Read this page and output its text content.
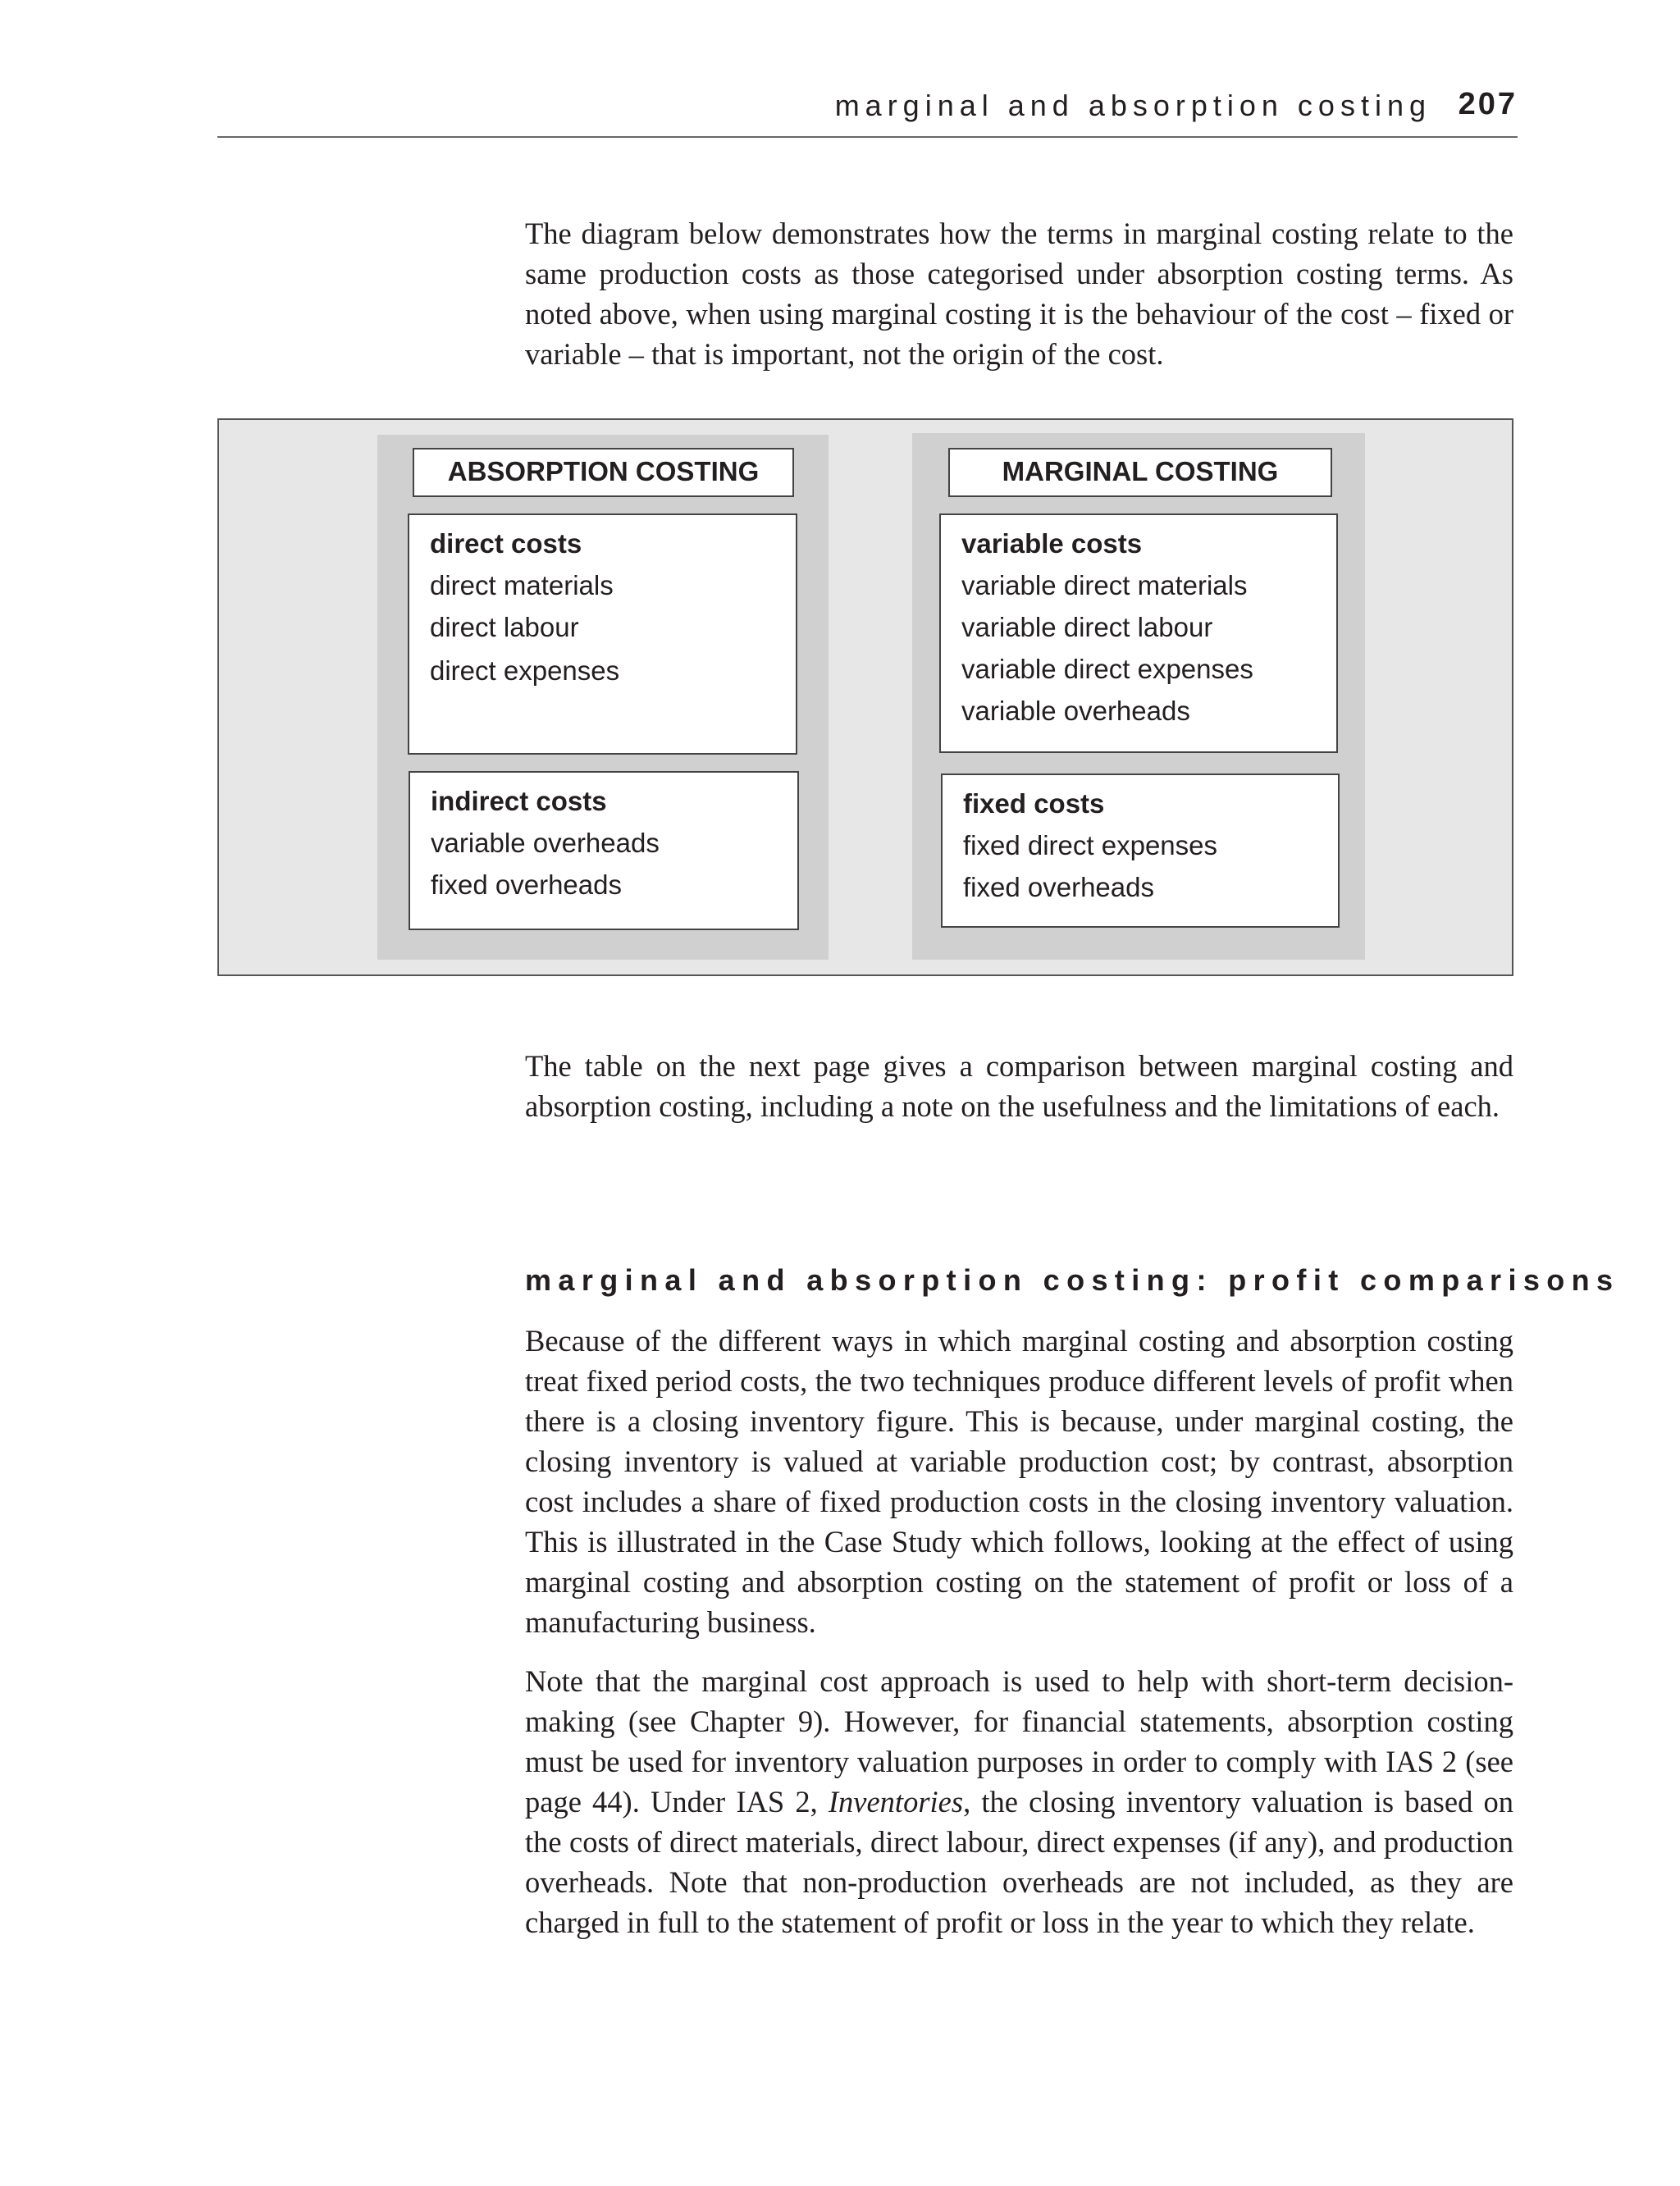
marginal and absorption costing 207

The diagram below demonstrates how the terms in marginal costing relate to the same production costs as those categorised under absorption costing terms. As noted above, when using marginal costing it is the behaviour of the cost – fixed or variable – that is important, not the origin of the cost.

ABSORPTION COSTING
direct costs
direct materials
direct labour
direct expenses
indirect costs
variable overheads
fixed overheads
MARGINAL COSTING
variable costs
variable direct materials
variable direct labour
variable direct expenses
variable overheads
fixed costs
fixed direct expenses
fixed overheads

The table on the next page gives a comparison between marginal costing and absorption costing, including a note on the usefulness and the limitations of each.

marginal and absorption costing: profit comparisons

Because of the different ways in which marginal costing and absorption costing treat fixed period costs, the two techniques produce different levels of profit when there is a closing inventory figure. This is because, under marginal costing, the closing inventory is valued at variable production cost; by contrast, absorption cost includes a share of fixed production costs in the closing inventory valuation. This is illustrated in the Case Study which follows, looking at the effect of using marginal costing and absorption costing on the statement of profit or loss of a manufacturing business.

Note that the marginal cost approach is used to help with short-term decision-making (see Chapter 9). However, for financial statements, absorption costing must be used for inventory valuation purposes in order to comply with IAS 2 (see page 44). Under IAS 2, Inventories, the closing inventory valuation is based on the costs of direct materials, direct labour, direct expenses (if any), and production overheads. Note that non-production overheads are not included, as they are charged in full to the statement of profit or loss in the year to which they relate.
